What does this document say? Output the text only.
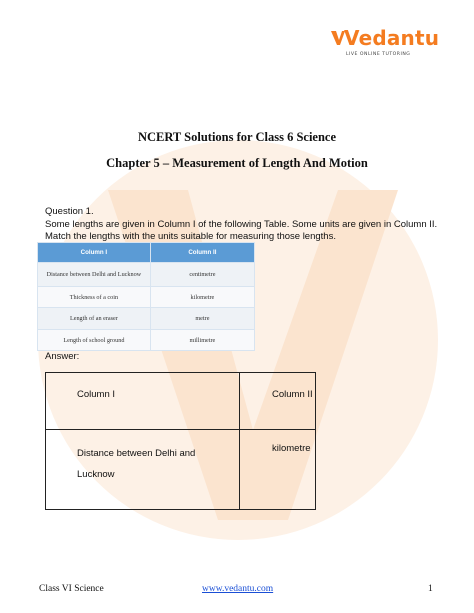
Vedantu
LIVE ONLINE TUTORING
NCERT Solutions for Class 6 Science
Chapter 5 – Measurement of Length And Motion
Question 1.
Some lengths are given in Column I of the following Table. Some units are given in Column II. Match the lengths with the units suitable for measuring those lengths.
Column I	Column II
Distance between Delhi and Lucknow	centimetre
Thickness of a coin	kilometre
Length of an eraser	metre
Length of school ground	millimetre
Answer:
Column I	Column II
Distance between Delhi and Lucknow	kilometre
Class VI Science	www.vedantu.com	1
